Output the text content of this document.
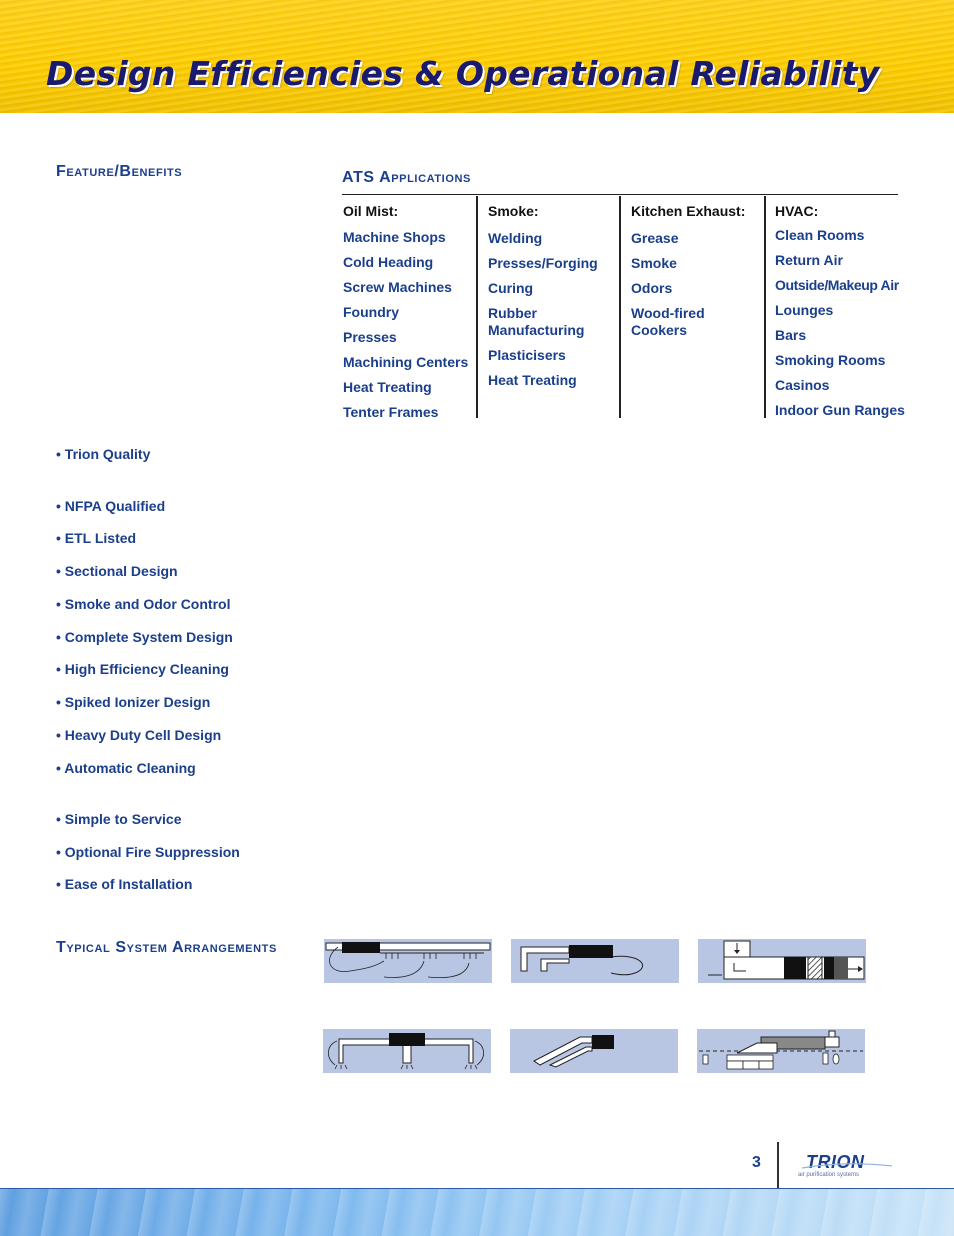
Design Efficiencies & Operational Reliability
Feature/Benefits	ATS Applications
Oil Mist:
Machine Shops
Cold Heading
Screw Machines
Foundry
Presses
Machining Centers
Heat Treating
Tenter Frames
Smoke:
Welding
Presses/Forging
Curing
Rubber
Manufacturing
Plasticisers
Heat Treating
Kitchen Exhaust:
Grease
Smoke
Odors
Wood-fired
Cookers
HVAC:
Clean Rooms
Return Air
Outside/Makeup Air
Lounges
Bars
Smoking Rooms
Casinos
Indoor Gun Ranges
• Trion Quality
• NFPA Qualified
• ETL Listed
• Sectional Design
• Smoke and Odor Control
• Complete System Design
• High Efficiency Cleaning
• Spiked Ionizer Design
• Heavy Duty Cell Design
• Automatic Cleaning
• Simple to Service
• Optional Fire Suppression
• Ease of Installation
Typical System Arrangements
3	TRION
air purification systems
